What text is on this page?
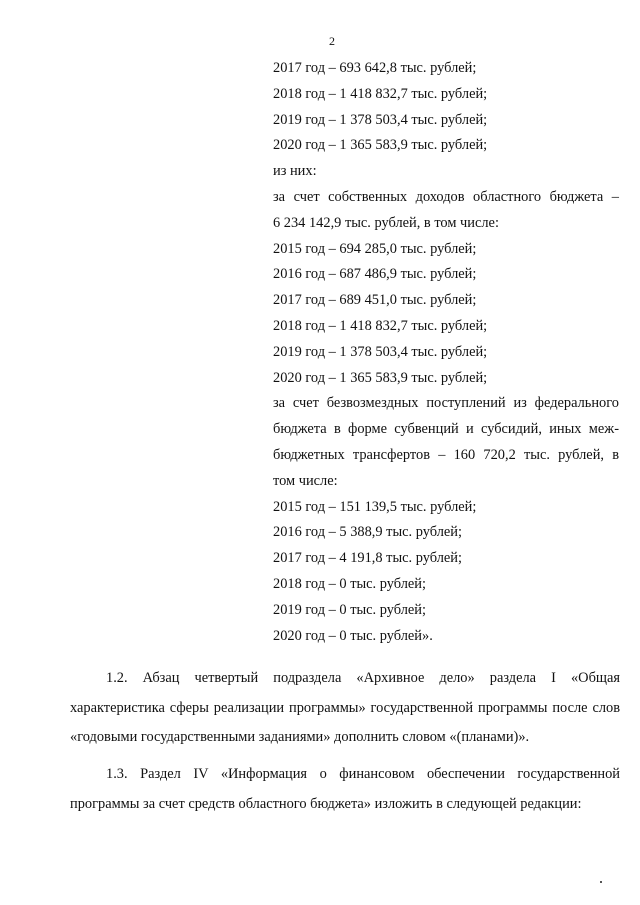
2
2017 год – 693 642,8 тыс. рублей;
2018 год – 1 418 832,7 тыс. рублей;
2019 год – 1 378 503,4 тыс. рублей;
2020 год – 1 365 583,9 тыс. рублей;
из них:
за счет собственных доходов областного бюджета –
6 234 142,9 тыс. рублей, в том числе:
2015 год – 694 285,0 тыс. рублей;
2016 год – 687 486,9 тыс. рублей;
2017 год – 689 451,0 тыс. рублей;
2018 год – 1 418 832,7 тыс. рублей;
2019 год – 1 378 503,4 тыс. рублей;
2020 год – 1 365 583,9 тыс. рублей;
за счет безвозмездных поступлений из федерального
бюджета в форме субвенций и субсидий, иных меж-
бюджетных трансфертов – 160 720,2 тыс. рублей, в
том числе:
2015 год – 151 139,5 тыс. рублей;
2016 год – 5 388,9 тыс. рублей;
2017 год – 4 191,8 тыс. рублей;
2018 год – 0 тыс. рублей;
2019 год – 0 тыс. рублей;
2020 год – 0 тыс. рублей».
1.2. Абзац четвертый подраздела «Архивное дело» раздела I «Общая характеристика сферы реализации программы» государственной программы после слов «годовыми государственными заданиями» дополнить словом «(планами)».
1.3. Раздел IV «Информация о финансовом обеспечении государственной программы за счет средств областного бюджета» изложить в следующей редакции:
